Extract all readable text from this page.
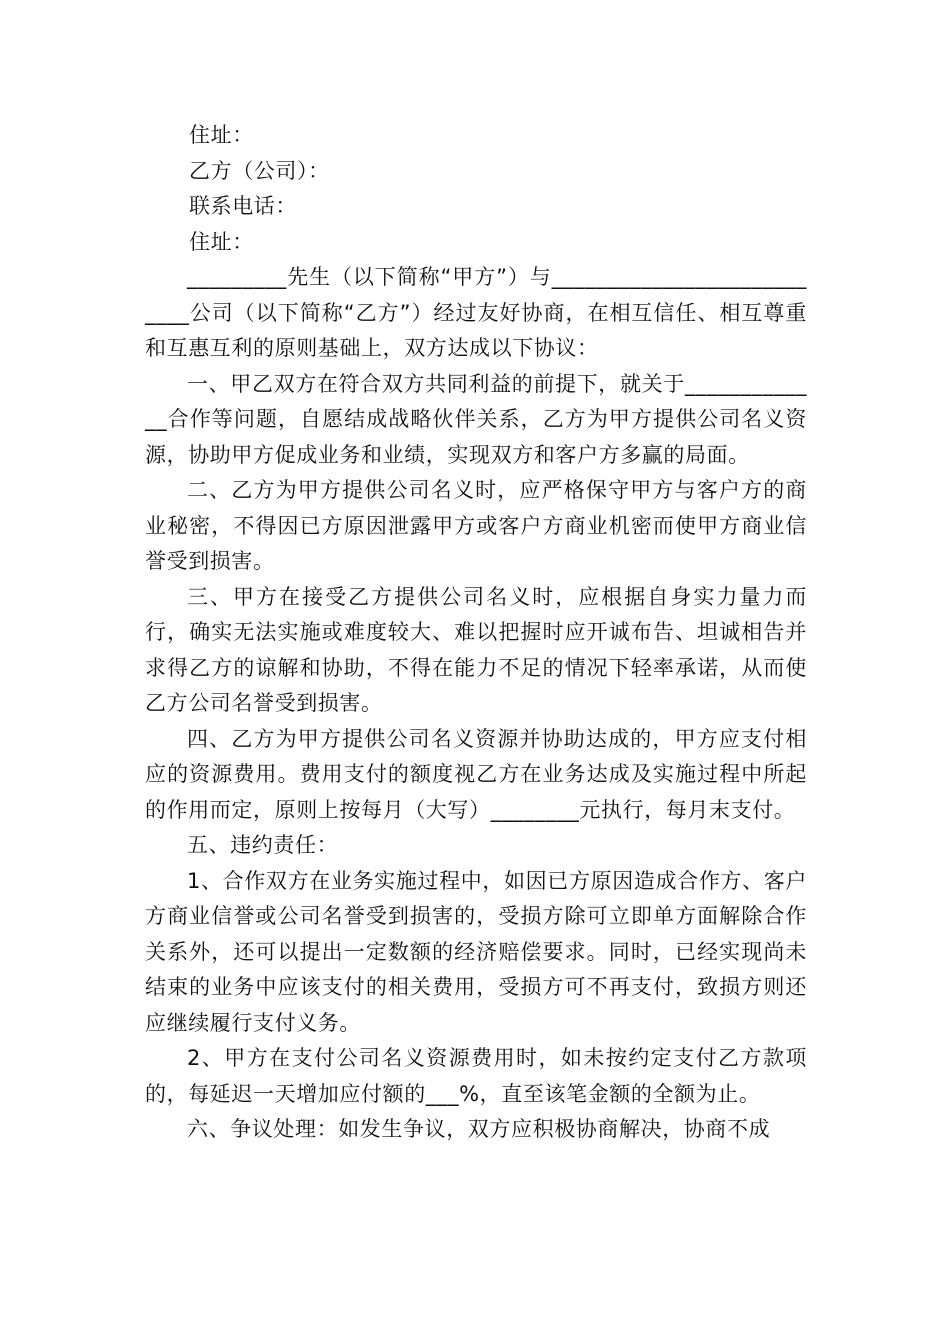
住址：

乙方（公司）：

联系电话：

住址：

_________先生（以下简称“甲方”）与___________________________公司（以下简称“乙方”）经过友好协商，在相互信任、相互尊重和互惠互利的原则基础上，双方达成以下协议：

一、甲乙双方在符合双方共同利益的前提下，就关于_____________合作等问题，自愿结成战略伙伴关系，乙方为甲方提供公司名义资源，协助甲方促成业务和业绩，实现双方和客户方多赢的局面。

二、乙方为甲方提供公司名义时，应严格保守甲方与客户方的商业秘密，不得因已方原因泄露甲方或客户方商业机密而使甲方商业信誉受到损害。

三、甲方在接受乙方提供公司名义时，应根据自身实力量力而行，确实无法实施或难度较大、难以把握时应开诚布告、坦诚相告并求得乙方的谅解和协助，不得在能力不足的情况下轻率承诺，从而使乙方公司名誉受到损害。

四、乙方为甲方提供公司名义资源并协助达成的，甲方应支付相应的资源费用。费用支付的额度视乙方在业务达成及实施过程中所起的作用而定，原则上按每月（大写）________元执行，每月末支付。

五、违约责任：

1、合作双方在业务实施过程中，如因已方原因造成合作方、客户方商业信誉或公司名誉受到损害的，受损方除可立即单方面解除合作关系外，还可以提出一定数额的经济赔偿要求。同时，已经实现尚未结束的业务中应该支付的相关费用，受损方可不再支付，致损方则还应继续履行支付义务。

2、甲方在支付公司名义资源费用时，如未按约定支付乙方款项的，每延迟一天增加应付额的___%，直至该笔金额的全额为止。

六、争议处理：如发生争议，双方应积极协商解决，协商不成
